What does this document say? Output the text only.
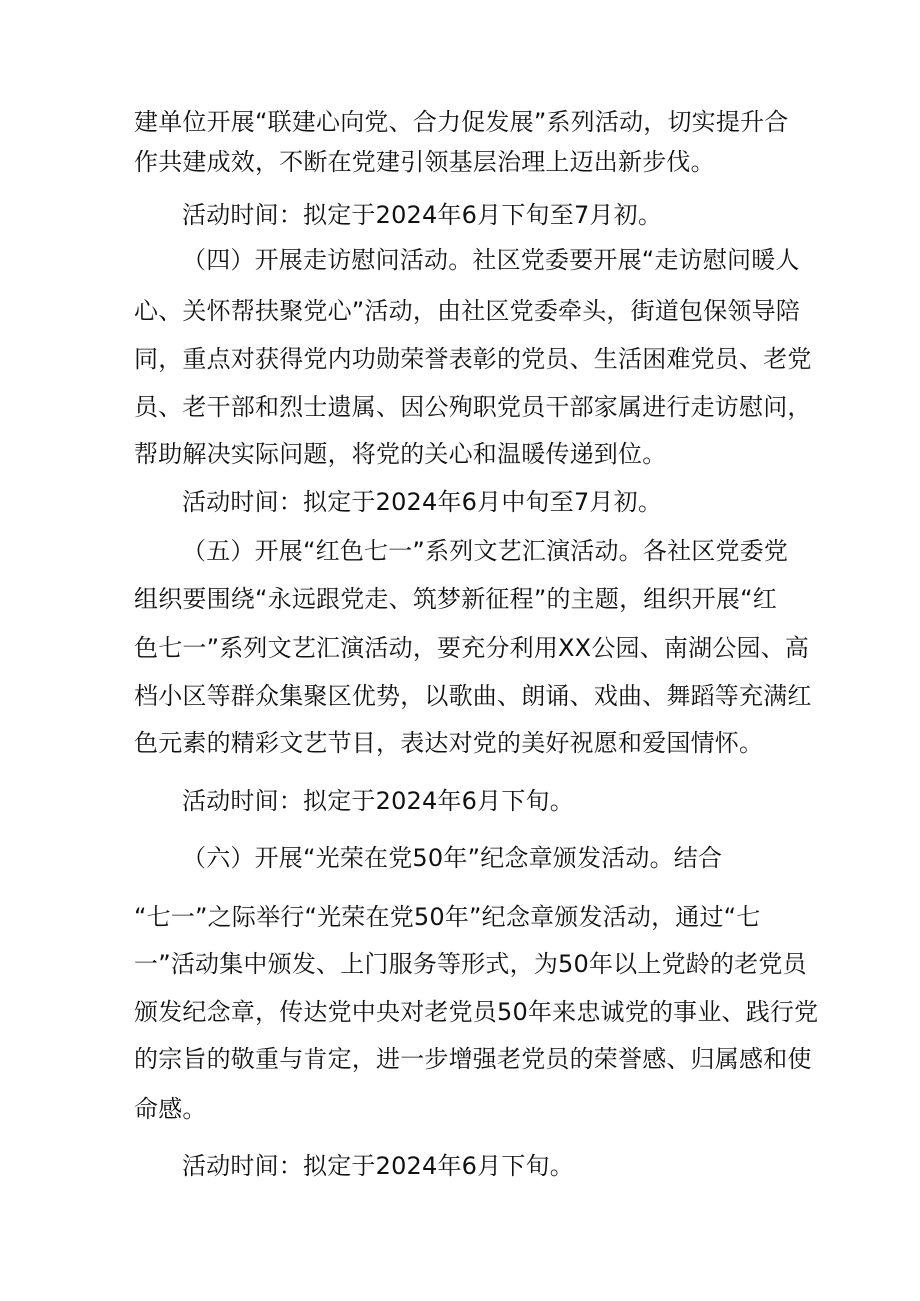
建单位开展“联建心向党、合力促发展”系列活动，切实提升合
作共建成效，不断在党建引领基层治理上迈出新步伐。
活动时间：拟定于2024年6月下旬至7月初。
（四）开展走访慰问活动。社区党委要开展“走访慰问暖人
心、关怀帮扶聚党心”活动，由社区党委牵头，街道包保领导陪
同，重点对获得党内功勋荣誉表彰的党员、生活困难党员、老党
员、老干部和烈士遗属、因公殉职党员干部家属进行走访慰问，
帮助解决实际问题，将党的关心和温暖传递到位。
活动时间：拟定于2024年6月中旬至7月初。
（五）开展“红色七一”系列文艺汇演活动。各社区党委党
组织要围绕“永远跟党走、筑梦新征程”的主题，组织开展“红
色七一”系列文艺汇演活动，要充分利用XX公园、南湖公园、高
档小区等群众集聚区优势，以歌曲、朗诵、戏曲、舞蹈等充满红
色元素的精彩文艺节目，表达对党的美好祝愿和爱国情怀。
活动时间：拟定于2024年6月下旬。
（六）开展“光荣在党50年”纪念章颁发活动。结合
“七一”之际举行“光荣在党50年”纪念章颁发活动，通过“七
一”活动集中颁发、上门服务等形式，为50年以上党龄的老党员
颁发纪念章，传达党中央对老党员50年来忠诚党的事业、践行党
的宗旨的敬重与肯定，进一步增强老党员的荣誉感、归属感和使
命感。
活动时间：拟定于2024年6月下旬。
